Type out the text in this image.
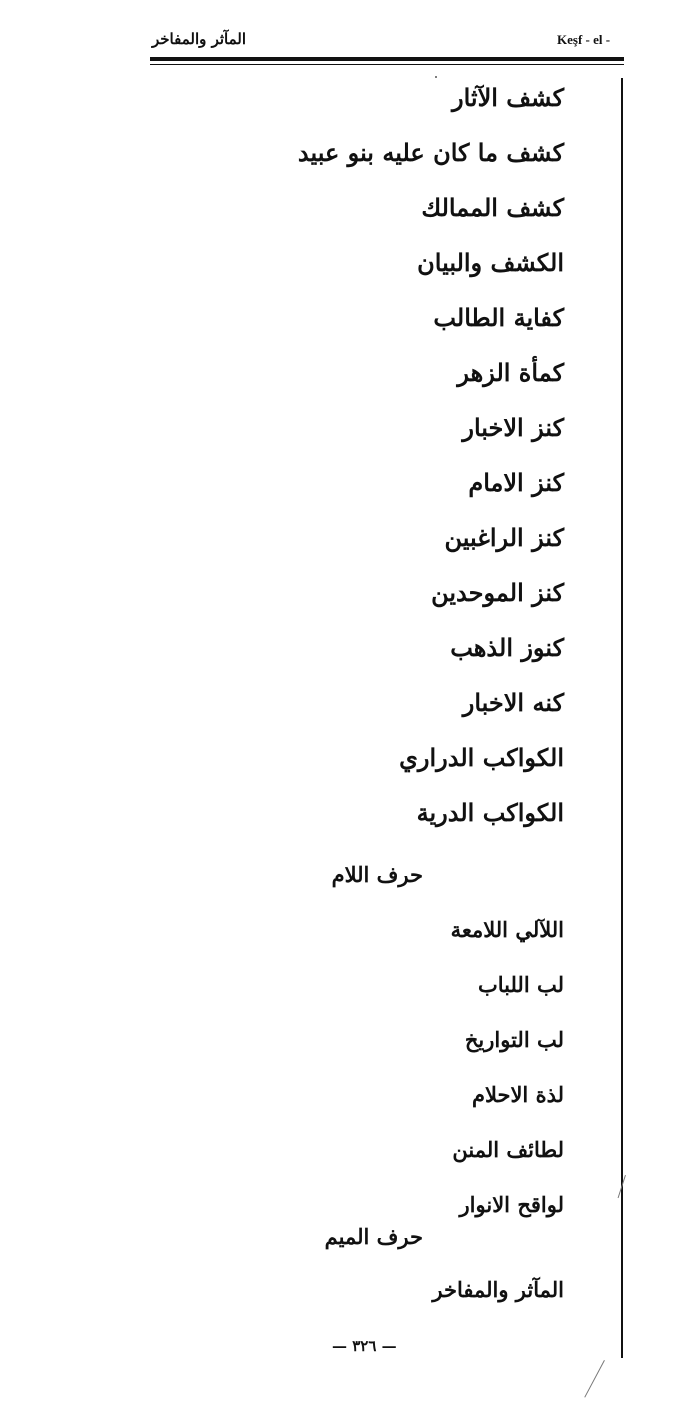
المآثر والمفاخر	Keşf - el -
كشف الآثار
كشف ما كان عليه بنو عبيد
كشف الممالك
الكشف والبيان
كفاية الطالب
كمأة الزهر
كنز الاخبار
كنز الامام
كنز الراغبين
كنز الموحدين
كنوز الذهب
كنه الاخبار
الكواكب الدراري
الكواكب الدرية
حرف اللام
اللآلي اللامعة
لب اللباب
لب التواريخ
لذة الاحلام
لطائف المنن
لواقح الانوار
حرف الميم
المآثر والمفاخر
— ٣٢٦ —
